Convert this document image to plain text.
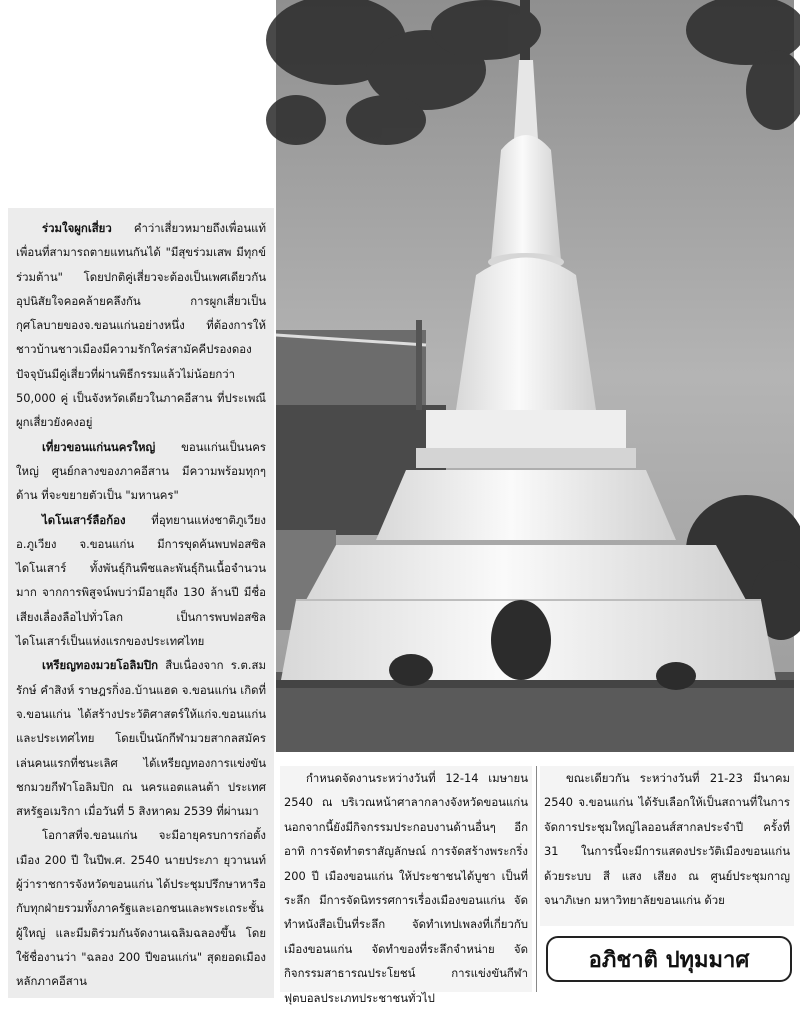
ร่วมใจผูกเสี่ยว คำว่าเสี่ยวหมายถึงเพื่อนแท้ เพื่อนที่สามารถตายแทนกันได้ "มีสุขร่วมเสพ มีทุกข์ร่วมต้าน" โดยปกติคู่เสี่ยวจะต้องเป็นเพศเดียวกัน อุปนิสัยใจคอคล้ายคลึงกัน การผูกเสี่ยวเป็นกุศโลบายของจ.ขอนแก่นอย่างหนึ่ง ที่ต้องการให้ชาวบ้านชาวเมืองมีความรักใคร่สามัคคีปรองดอง ปัจจุบันมีคู่เสี่ยวที่ผ่านพิธีกรรมแล้วไม่น้อยกว่า 50,000 คู่ เป็นจังหวัดเดียวในภาคอีสาน ที่ประเพณีผูกเสี่ยวยังคงอยู่

เที่ยวขอนแก่นนครใหญ่ ขอนแก่นเป็นนครใหญ่ ศูนย์กลางของภาคอีสาน มีความพร้อมทุกๆ ด้าน ที่จะขยายตัวเป็น "มหานคร"

ไดโนเสาร์ลือก้อง ที่อุทยานแห่งชาติภูเวียง อ.ภูเวียง จ.ขอนแก่น มีการขุดค้นพบฟอสซิลไดโนเสาร์ ทั้งพันธุ์กินพืชและพันธุ์กินเนื้อจำนวนมาก จากการพิสูจน์พบว่ามีอายุถึง 130 ล้านปี มีชื่อเสียงเลื่องลือไปทั่วโลก เป็นการพบฟอสซิลไดโนเสาร์เป็นแห่งแรกของประเทศไทย

เหรียญทองมวยโอลิมปิก สืบเนื่องจาก ร.ต.สมรักษ์ คำสิงห์ ราษฎรกิ่งอ.บ้านแฮด จ.ขอนแก่น เกิดที่จ.ขอนแก่น ได้สร้างประวัติศาสตร์ให้แก่จ.ขอนแก่น และประเทศไทย โดยเป็นนักกีฬามวยสากลสมัครเล่นคนแรกที่ชนะเลิศ ได้เหรียญทองการแข่งขันชกมวยกีฬาโอลิมปิก ณ นครแอตแลนต้า ประเทศสหรัฐอเมริกา เมื่อวันที่ 5 สิงหาคม 2539 ที่ผ่านมา

โอกาสที่จ.ขอนแก่น จะมีอายุครบการก่อตั้งเมือง 200 ปี ในปีพ.ศ. 2540 นายประภา ยุวานนท์ ผู้ว่าราชการจังหวัดขอนแก่น ได้ประชุมปรึกษาหารือกับทุกฝ่ายรวมทั้งภาครัฐและเอกชนและพระเถระชั้นผู้ใหญ่ และมีมติร่วมกันจัดงานเฉลิมฉลองขึ้น โดยใช้ชื่องานว่า "ฉลอง 200 ปีขอนแก่น" สุดยอดเมืองหลักภาคอีสาน

กำหนดจัดงานระหว่างวันที่ 12-14 เมษายน 2540 ณ บริเวณหน้าศาลากลางจังหวัดขอนแก่น นอกจากนี้ยังมีกิจกรรมประกอบงานด้านอื่นๆ อีก อาทิ การจัดทำตราสัญลักษณ์ การจัดสร้างพระกริ่ง 200 ปี เมืองขอนแก่น ให้ประชาชนได้บูชา เป็นที่ระลึก มีการจัดนิทรรศการเรื่องเมืองขอนแก่น จัดทำหนังสือเป็นที่ระลึก จัดทำเทปเพลงที่เกี่ยวกับเมืองขอนแก่น จัดทำของที่ระลึกจำหน่าย จัดกิจกรรมสาธารณประโยชน์ การแข่งขันกีฬาฟุตบอลประเภทประชาชนทั่วไป

ขณะเดียวกัน ระหว่างวันที่ 21-23 มีนาคม 2540 จ.ขอนแก่น ได้รับเลือกให้เป็นสถานที่ในการจัดการประชุมใหญ่ไลออนส์สากลประจำปี ครั้งที่ 31 ในการนี้จะมีการแสดงประวัติเมืองขอนแก่นด้วยระบบ สี แสง เสียง ณ ศูนย์ประชุมกาญจนาภิเษก มหาวิทยาลัยขอนแก่น ด้วย

อภิชาติ ปทุมมาศ
